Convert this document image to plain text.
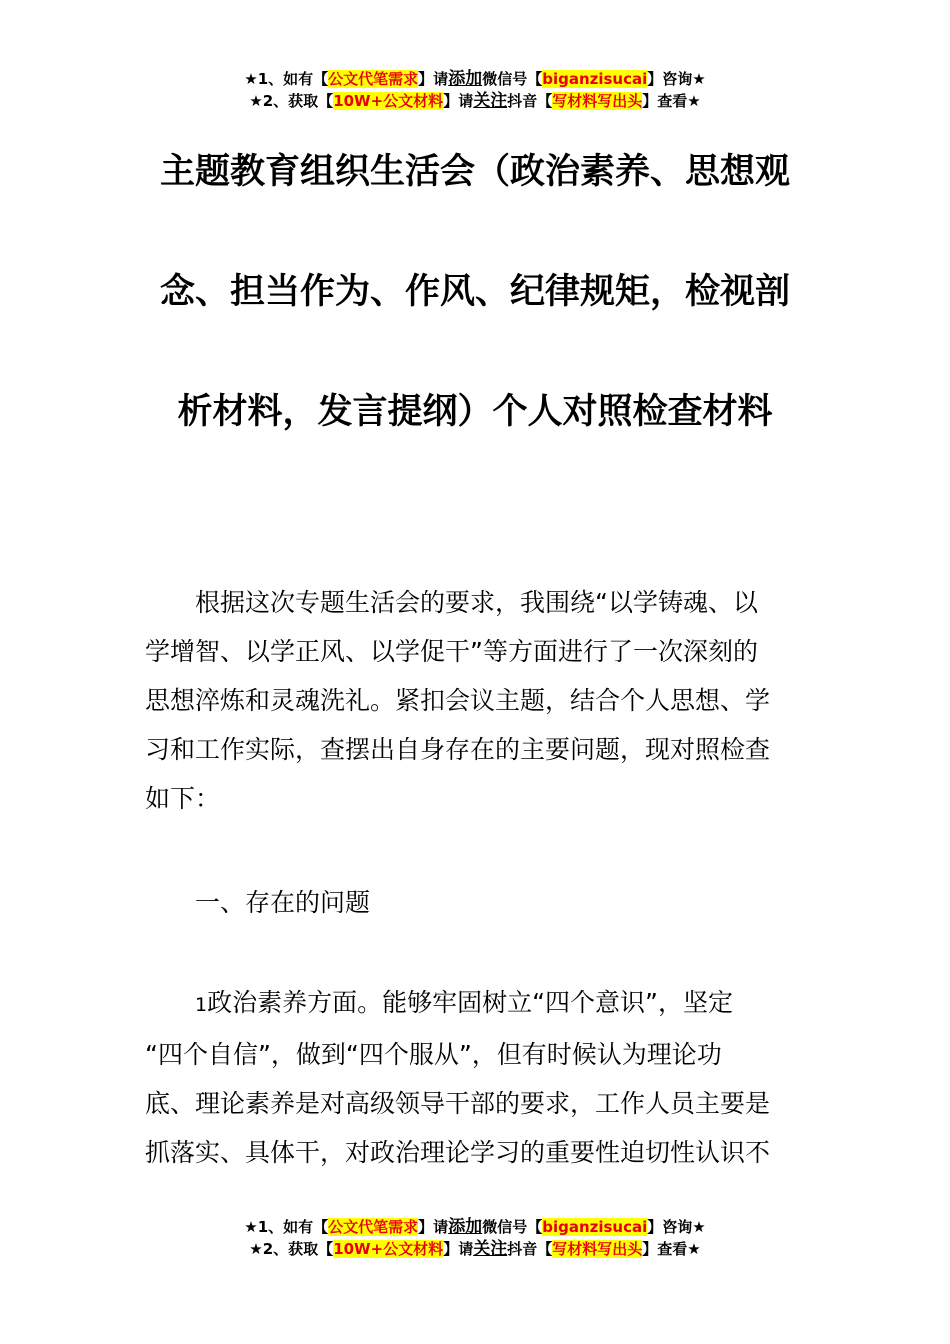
★1、如有【公文代笔需求】请添加微信号【biganzisucai】咨询★
★2、获取【10W+公文材料】请关注抖音【写材料写出头】查看★
主题教育组织生活会（政治素养、思想观
念、担当作为、作风、纪律规矩，检视剖
析材料，发言提纲）个人对照检查材料
根据这次专题生活会的要求，我围绕“以学铸魂、以
学增智、以学正风、以学促干”等方面进行了一次深刻的
思想淬炼和灵魂洗礼。紧扣会议主题，结合个人思想、学
习和工作实际，查摆出自身存在的主要问题，现对照检查
如下：
一、存在的问题
1政治素养方面。能够牢固树立“四个意识”，坚定
“四个自信”，做到“四个服从”，但有时候认为理论功
底、理论素养是对高级领导干部的要求，工作人员主要是
抓落实、具体干，对政治理论学习的重要性迫切性认识不
★1、如有【公文代笔需求】请添加微信号【biganzisucai】咨询★
★2、获取【10W+公文材料】请关注抖音【写材料写出头】查看★
